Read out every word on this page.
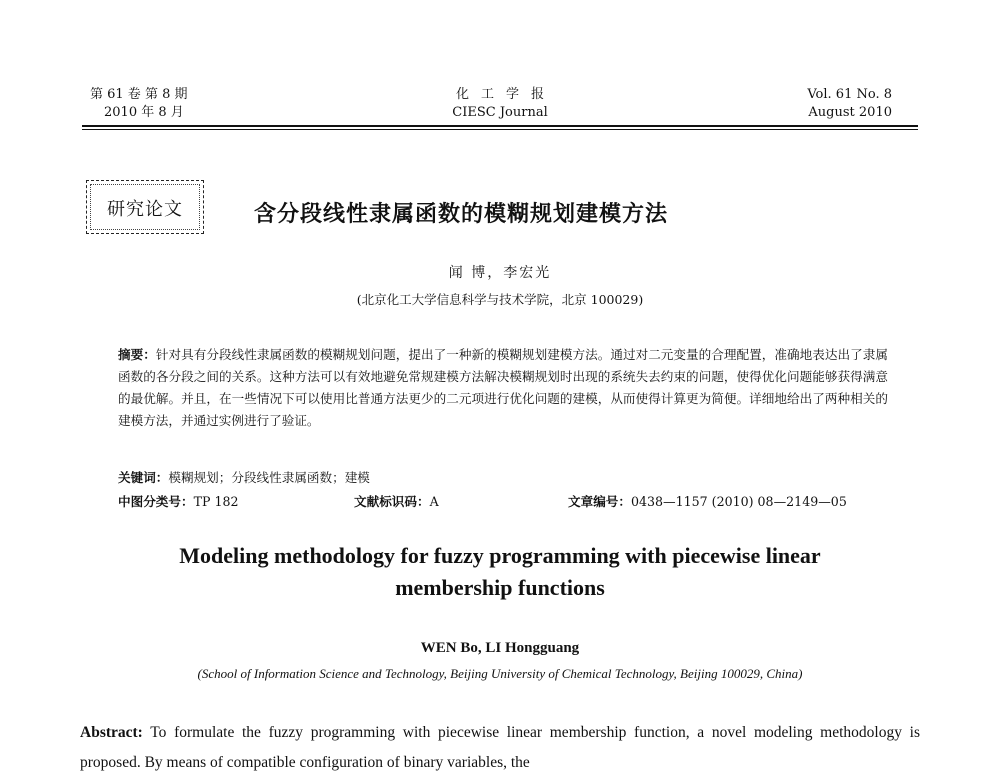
第 61 卷 第 8 期
2010 年 8 月
化工学报
CIESC Journal
Vol. 61 No. 8
August 2010
研究论文	含分段线性隶属函数的模糊规划建模方法
闻 博，李宏光
(北京化工大学信息科学与技术学院，北京 100029)
摘要：针对具有分段线性隶属函数的模糊规划问题，提出了一种新的模糊规划建模方法。通过对二元变量的合理配置，准确地表达出了隶属函数的各分段之间的关系。这种方法可以有效地避免常规建模方法解决模糊规划时出现的系统失去约束的问题，使得优化问题能够获得满意的最优解。并且，在一些情况下可以使用比普通方法更少的二元项进行优化问题的建模，从而使得计算更为简便。详细地给出了两种相关的建模方法，并通过实例进行了验证。
关键词：模糊规划；分段线性隶属函数；建模
中图分类号：TP 182	文献标识码：A	文章编号：0438—1157 (2010) 08—2149—05
Modeling methodology for fuzzy programming with piecewise linear membership functions
WEN Bo, LI Hongguang
(School of Information Science and Technology, Beijing University of Chemical Technology, Beijing 100029, China)
Abstract: To formulate the fuzzy programming with piecewise linear membership function, a novel modeling methodology is proposed. By means of compatible configuration of binary variables, the
